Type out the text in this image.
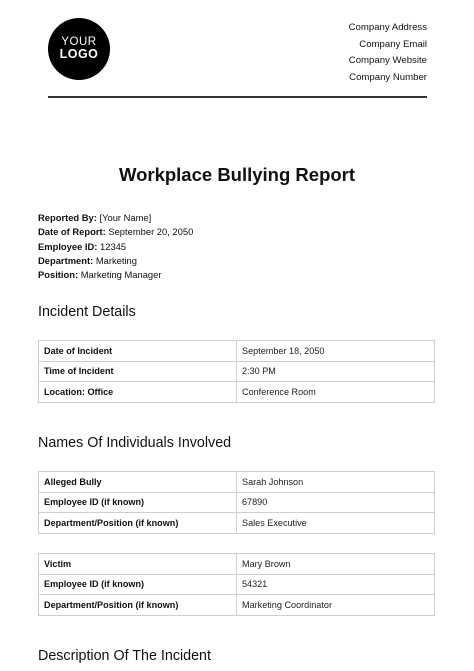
YOUR
LOGO
Company Address
Company Email
Company Website
Company Number
Workplace Bullying Report
Reported By: [Your Name]
Date of Report: September 20, 2050
Employee ID: 12345
Department: Marketing
Position: Marketing Manager
Incident Details
Date of Incident	September 18, 2050
Time of Incident	2:30 PM
Location: Office	Conference Room
Names Of Individuals Involved
Alleged Bully	Sarah Johnson
Employee ID (if known)	67890
Department/Position (if known)	Sales Executive
Victim	Mary Brown
Employee ID (if known)	54321
Department/Position (if known)	Marketing Coordinator
Description Of The Incident
